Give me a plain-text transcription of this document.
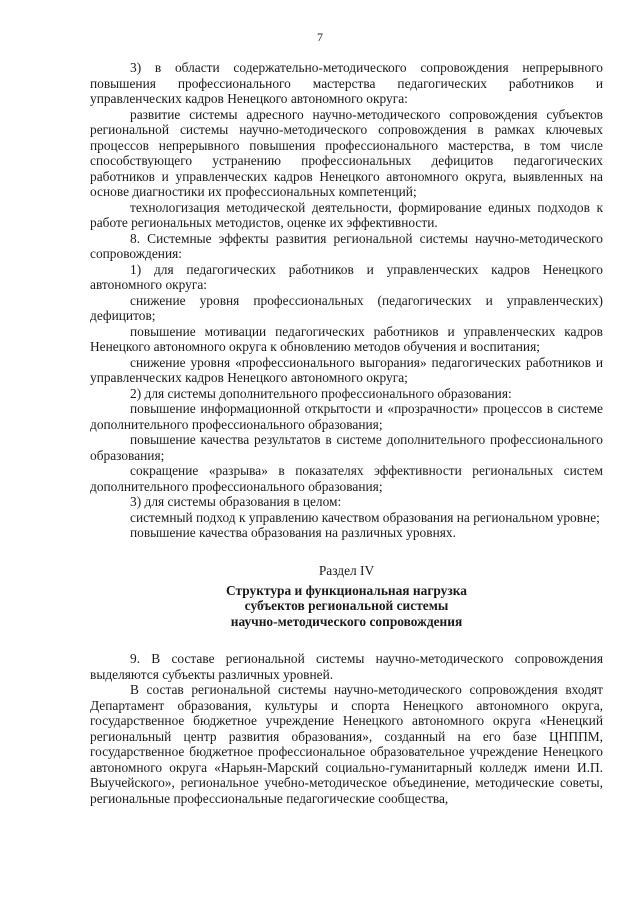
7

3) в области содержательно-методического сопровождения непрерывного повышения профессионального мастерства педагогических работников и управленческих кадров Ненецкого автономного округа:

развитие системы адресного научно-методического сопровождения субъектов региональной системы научно-методического сопровождения в рамках ключевых процессов непрерывного повышения профессионального мастерства, в том числе способствующего устранению профессиональных дефицитов педагогических работников и управленческих кадров Ненецкого автономного округа, выявленных на основе диагностики их профессиональных компетенций;

технологизация методической деятельности, формирование единых подходов к работе региональных методистов, оценке их эффективности.

8. Системные эффекты развития региональной системы научно-методического сопровождения:

1) для педагогических работников и управленческих кадров Ненецкого автономного округа:

снижение уровня профессиональных (педагогических и управленческих) дефицитов;

повышение мотивации педагогических работников и управленческих кадров Ненецкого автономного округа к обновлению методов обучения и воспитания;

снижение уровня «профессионального выгорания» педагогических работников и управленческих кадров Ненецкого автономного округа;

2) для системы дополнительного профессионального образования:

повышение информационной открытости и «прозрачности» процессов в системе дополнительного профессионального образования;

повышение качества результатов в системе дополнительного профессионального образования;

сокращение «разрыва» в показателях эффективности региональных систем дополнительного профессионального образования;

3) для системы образования в целом:

системный подход к управлению качеством образования на региональном уровне;

повышение качества образования на различных уровнях.

Раздел IV
Структура и функциональная нагрузка
субъектов региональной системы
научно-методического сопровождения

9. В составе региональной системы научно-методического сопровождения выделяются субъекты различных уровней.

В состав региональной системы научно-методического сопровождения входят Департамент образования, культуры и спорта Ненецкого автономного округа, государственное бюджетное учреждение Ненецкого автономного округа «Ненецкий региональный центр развития образования», созданный на его базе ЦНППМ, государственное бюджетное профессиональное образовательное учреждение Ненецкого автономного округа «Нарьян-Марский социально-гуманитарный колледж имени И.П. Выучейского», региональное учебно-методическое объединение, методические советы, региональные профессиональные педагогические сообщества,
